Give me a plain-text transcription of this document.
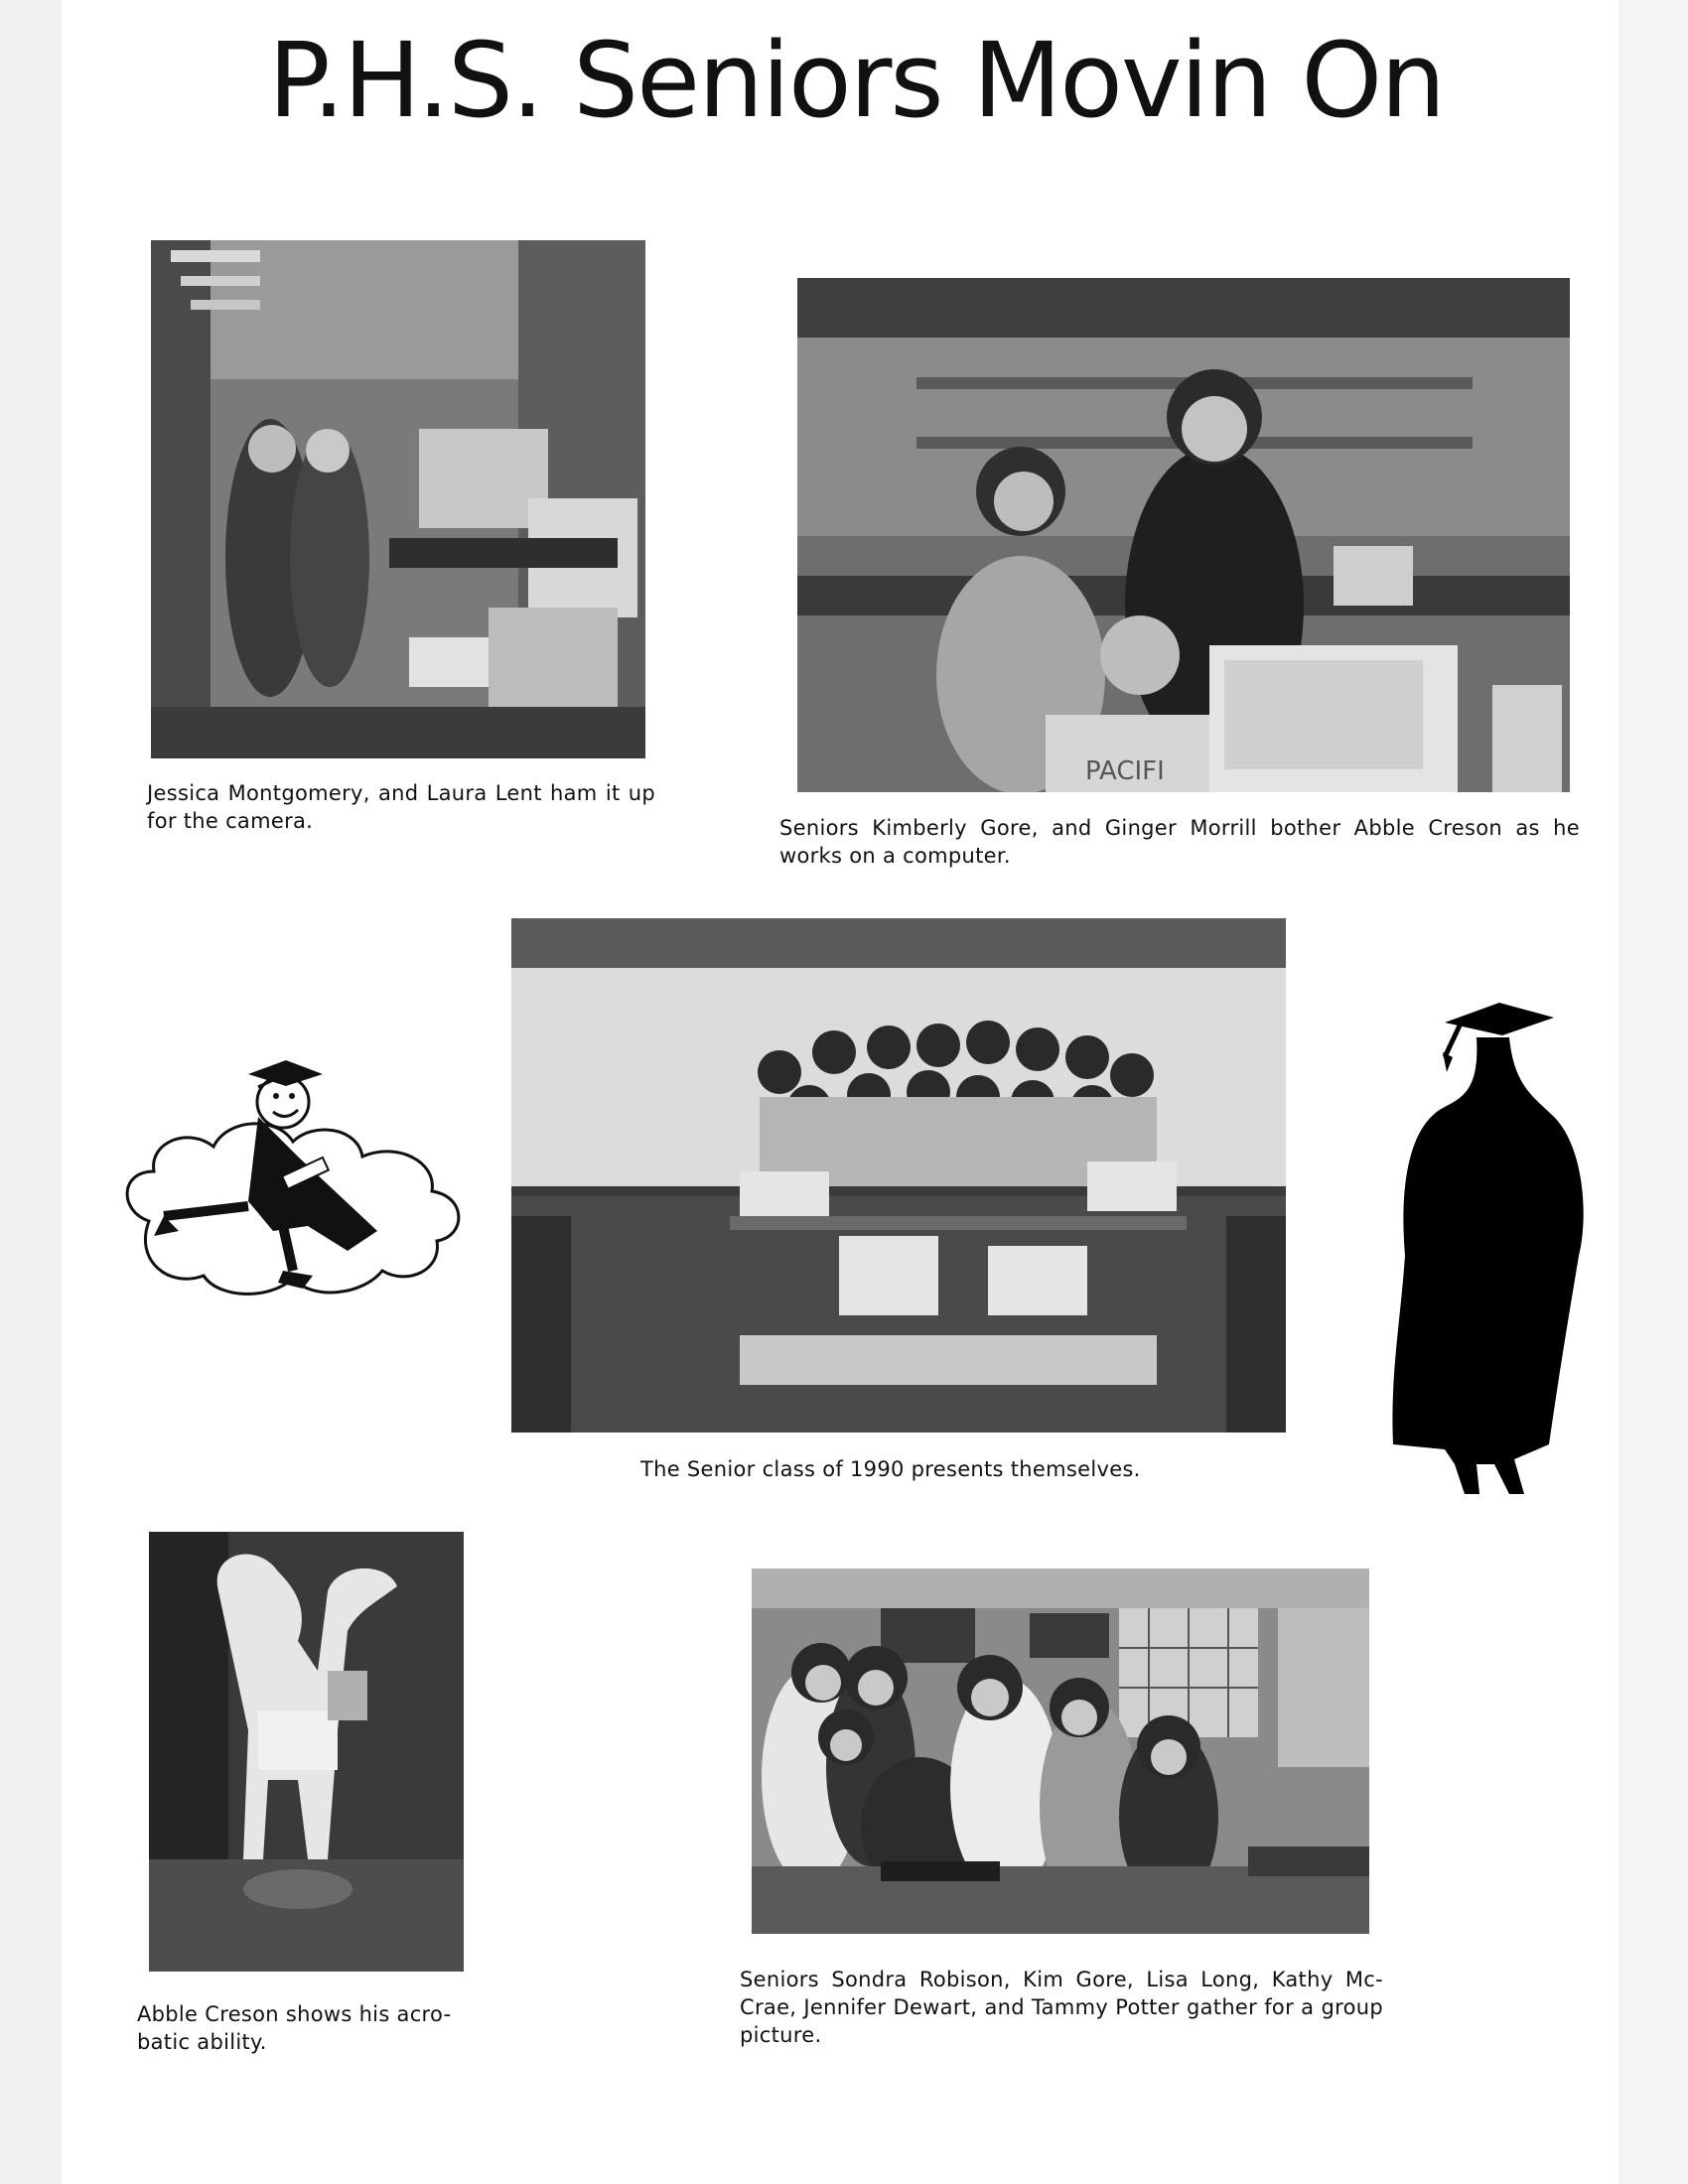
P.H.S. Seniors Movin On
Jessica Montgomery, and Laura Lent ham it up for the camera.
PACIFI
Seniors Kimberly Gore, and Ginger Morrill bother Abble Creson as he works on a computer.
The Senior class of 1990 presents themselves.
Abble Creson shows his acro- batic ability.
Seniors Sondra Robison, Kim Gore, Lisa Long, Kathy Mc- Crae, Jennifer Dewart, and Tammy Potter gather for a group picture.
